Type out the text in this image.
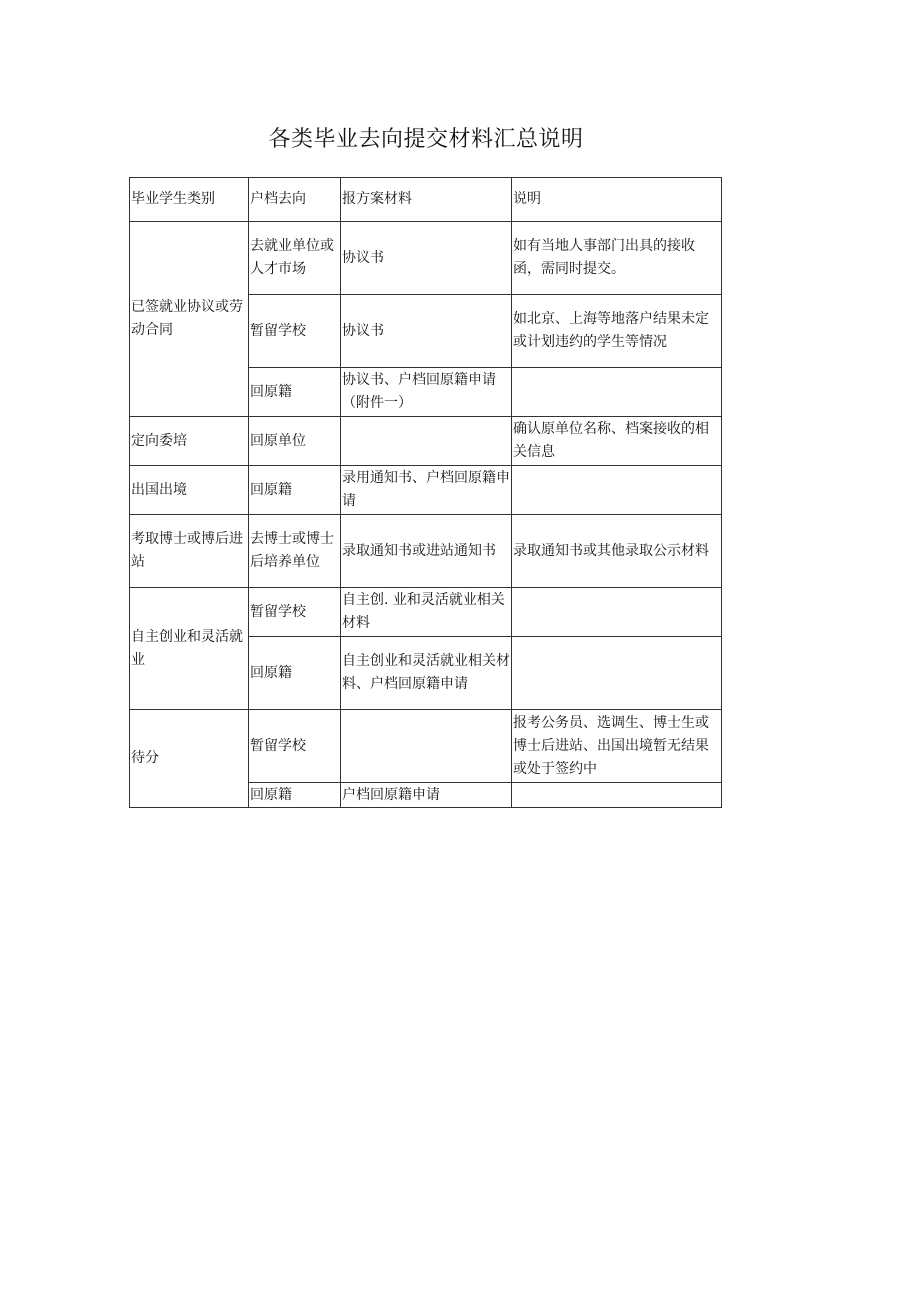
各类毕业去向提交材料汇总说明
毕业学生类别	户档去向	报方案材料	说明
已签就业协议或劳动合同	去就业单位或人才市场	协议书	如有当地人事部门出具的接收函，需同时提交。
	暂留学校	协议书	如北京、上海等地落户结果未定或计划违约的学生等情况
	回原籍	协议书、户档回原籍申请（附件一）	
定向委培	回原单位		确认原单位名称、档案接收的相关信息
出国出境	回原籍	录用通知书、户档回原籍申请	
考取博士或博后进站	去博士或博士后培养单位	录取通知书或进站通知书	录取通知书或其他录取公示材料
自主创业和灵活就业	暂留学校	自主创. 业和灵活就业相关材料	
	回原籍	自主创业和灵活就业相关材料、户档回原籍申请	
待分	暂留学校		报考公务员、选调生、博士生或博士后进站、出国出境暂无结果或处于签约中
	回原籍	户档回原籍申请	
